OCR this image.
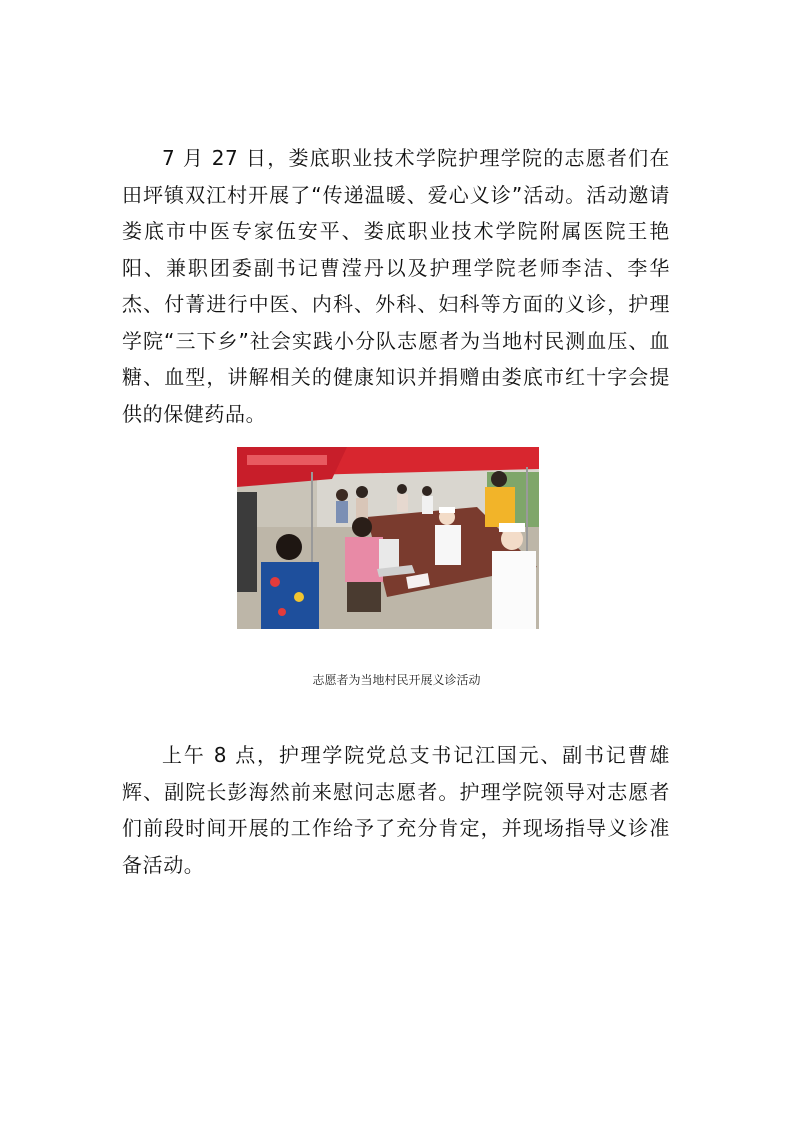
7 月 27 日，娄底职业技术学院护理学院的志愿者们在田坪镇双江村开展了“传递温暖、爱心义诊”活动。活动邀请娄底市中医专家伍安平、娄底职业技术学院附属医院王艳阳、兼职团委副书记曹滢丹以及护理学院老师李洁、李华杰、付菁进行中医、内科、外科、妇科等方面的义诊，护理学院“三下乡”社会实践小分队志愿者为当地村民测血压、血糖、血型，讲解相关的健康知识并捐赠由娄底市红十字会提供的保健药品。

志愿者为当地村民开展义诊活动

上午 8 点，护理学院党总支书记江国元、副书记曹雄辉、副院长彭海然前来慰问志愿者。护理学院领导对志愿者们前段时间开展的工作给予了充分肯定，并现场指导义诊准备活动。
